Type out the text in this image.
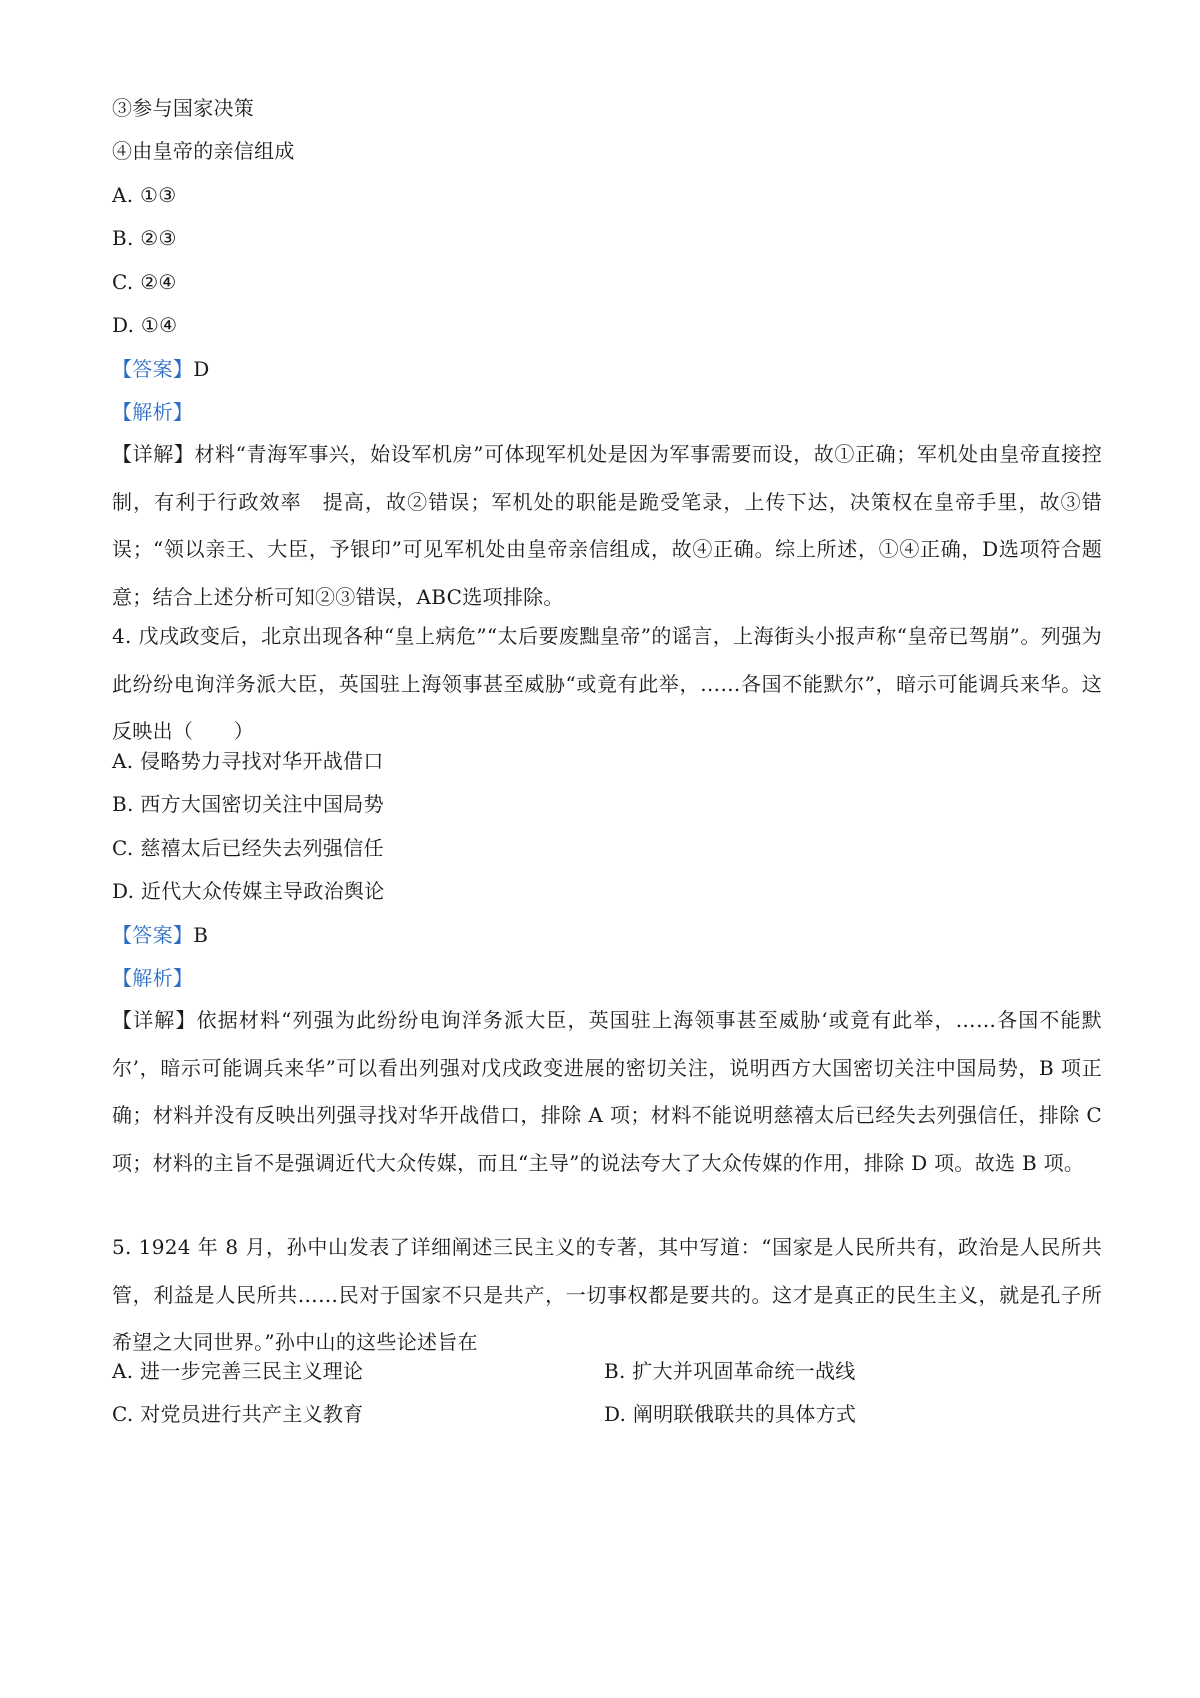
③参与国家决策
④由皇帝的亲信组成
A. ①③
B. ②③
C. ②④
D. ①④
【答案】D
【解析】
【详解】材料“青海军事兴，始设军机房”可体现军机处是因为军事需要而设，故①正确；军机处由皇帝直接控制，有利于行政效率　提高，故②错误；军机处的职能是跪受笔录，上传下达，决策权在皇帝手里，故③错误；“领以亲王、大臣，予银印”可见军机处由皇帝亲信组成，故④正确。综上所述，①④正确，D选项符合题意；结合上述分析可知②③错误，ABC选项排除。
4. 戊戌政变后，北京出现各种“皇上病危”“太后要废黜皇帝”的谣言，上海街头小报声称“皇帝已驾崩”。列强为此纷纷电询洋务派大臣，英国驻上海领事甚至威胁“或竟有此举，……各国不能默尔”，暗示可能调兵来华。这反映出（　　）
A. 侵略势力寻找对华开战借口
B. 西方大国密切关注中国局势
C. 慈禧太后已经失去列强信任
D. 近代大众传媒主导政治舆论
【答案】B
【解析】
【详解】依据材料“列强为此纷纷电询洋务派大臣，英国驻上海领事甚至威胁‘或竟有此举，……各国不能默尔’，暗示可能调兵来华”可以看出列强对戊戌政变进展的密切关注，说明西方大国密切关注中国局势，B 项正确；材料并没有反映出列强寻找对华开战借口，排除 A 项；材料不能说明慈禧太后已经失去列强信任，排除 C 项；材料的主旨不是强调近代大众传媒，而且“主导”的说法夸大了大众传媒的作用，排除 D 项。故选 B 项。
5. 1924 年 8 月，孙中山发表了详细阐述三民主义的专著，其中写道：“国家是人民所共有，政治是人民所共管，利益是人民所共……民对于国家不只是共产，一切事权都是要共的。这才是真正的民生主义，就是孔子所希望之大同世界。”孙中山的这些论述旨在
A. 进一步完善三民主义理论	B. 扩大并巩固革命统一战线
C. 对党员进行共产主义教育	D. 阐明联俄联共的具体方式
